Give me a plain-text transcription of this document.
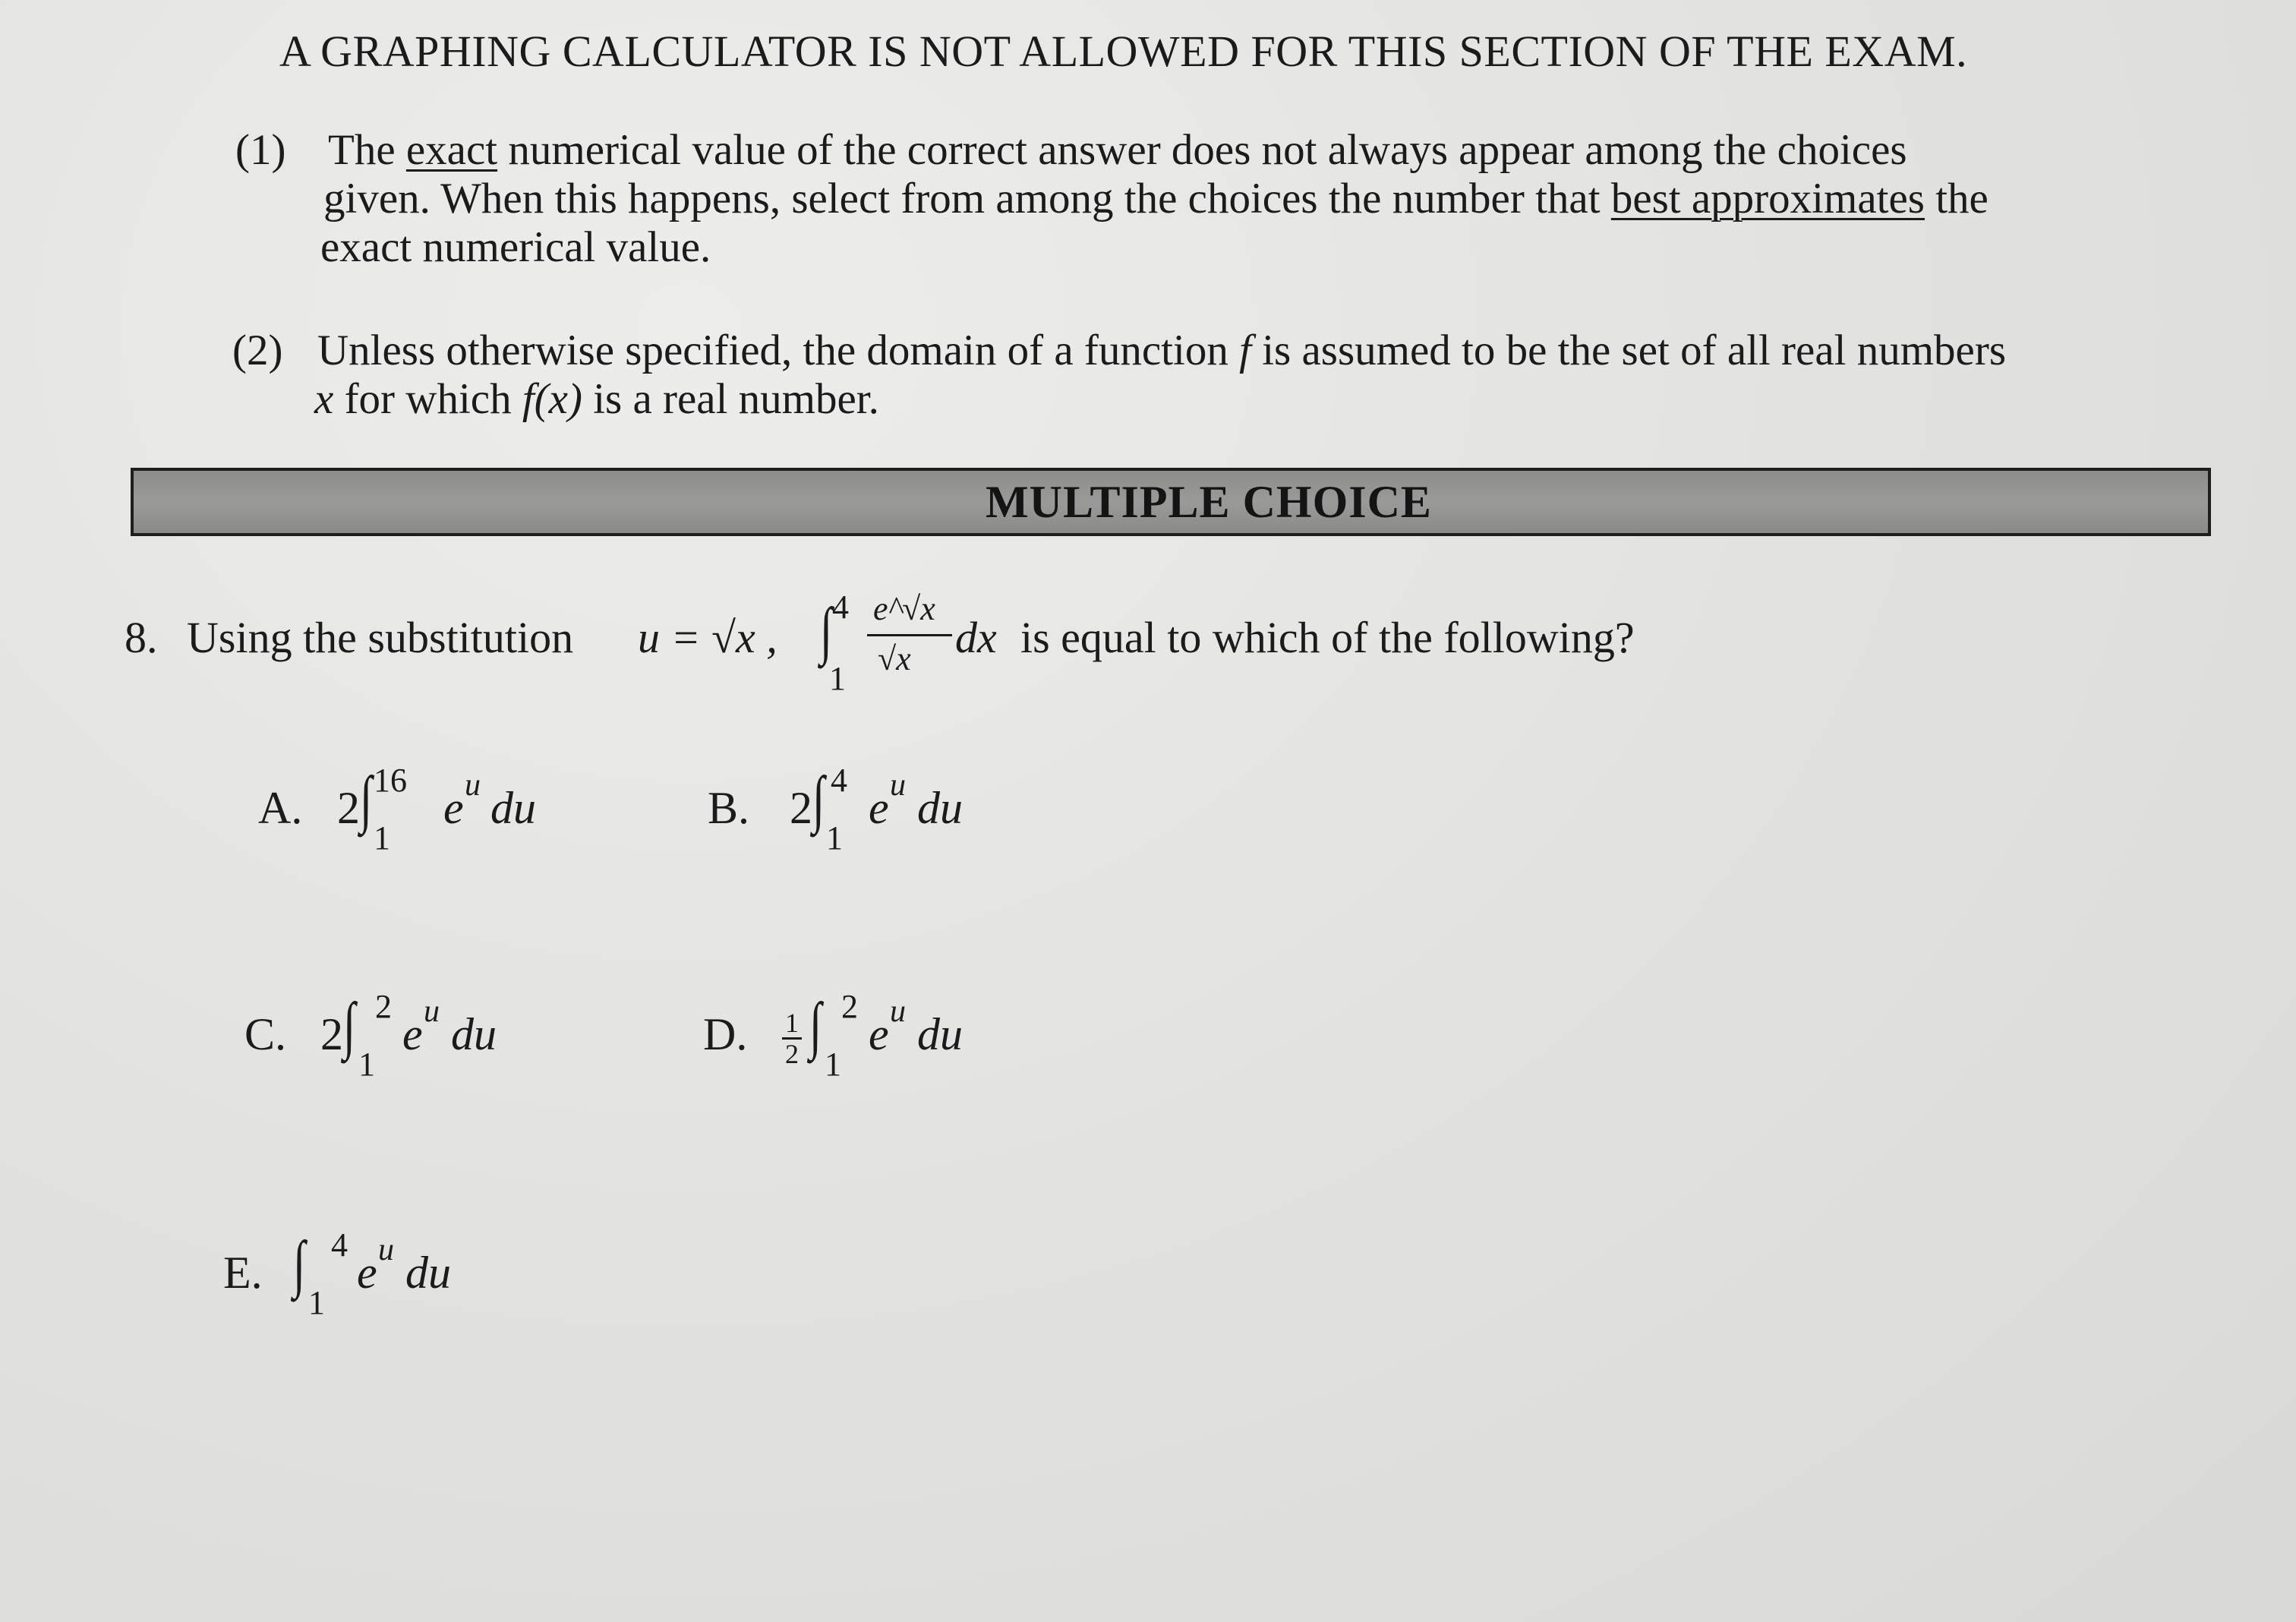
A GRAPHING CALCULATOR IS NOT ALLOWED FOR THIS SECTION OF THE EXAM.
(1) The exact numerical value of the correct answer does not always appear among the choices
given. When this happens, select from among the choices the number that best approximates the
exact numerical value.
(2) Unless otherwise specified, the domain of a function f is assumed to be the set of all real numbers
x for which f(x) is a real number.
MULTIPLE CHOICE
8. Using the substitution u = √x , ∫ 4
1
e^√x
√x dx is equal to which of the following?
A. 2 ∫ 16
1
e u du	B. 2 ∫ 4
1
e u du
C. 2 ∫ 2
1
e u du	D. $\frac{1}{2}$ ∫ 2
1
e u du
E. ∫ 4
1
e u du
